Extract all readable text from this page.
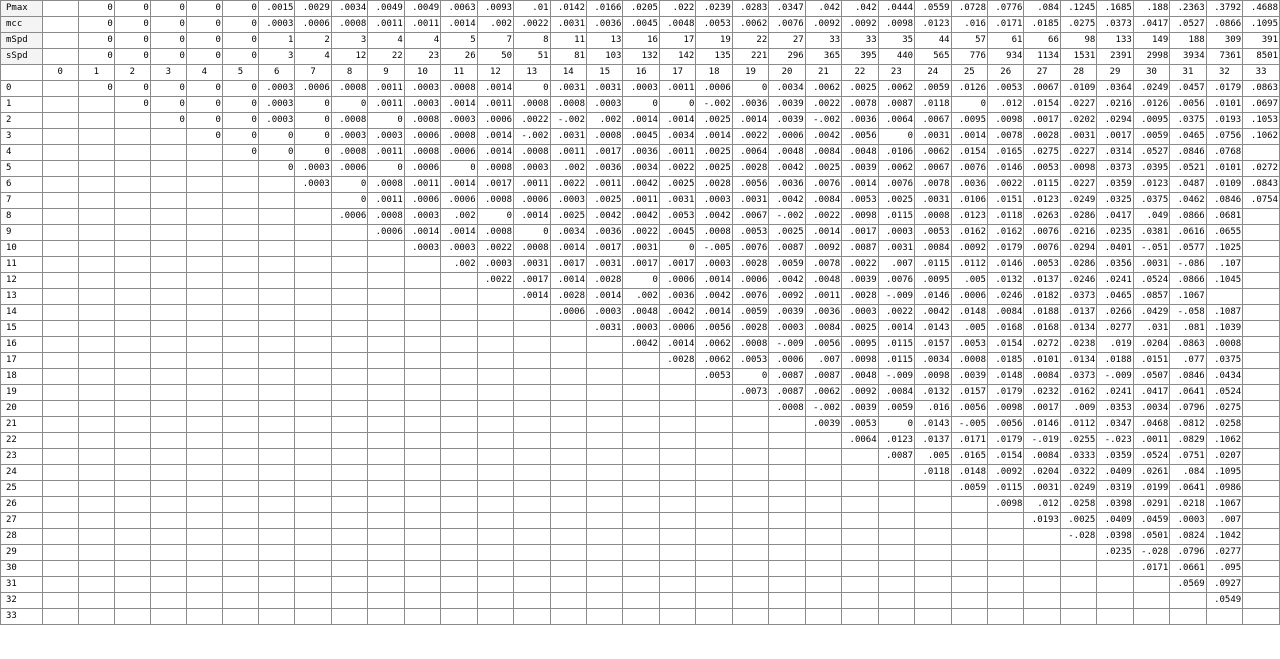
Pmax		0	0	0	0	0	.0015	.0029	.0034	.0049	.0049	.0063	.0093	.01	.0142	.0166	.0205	.022	.0239	.0283	.0347	.042	.042	.0444	.0559	.0728	.0776	.084	.1245	.1685	.188	.2363	.3792	.4688
mcc		0	0	0	0	0	.0003	.0006	.0008	.0011	.0011	.0014	.002	.0022	.0031	.0036	.0045	.0048	.0053	.0062	.0076	.0092	.0092	.0098	.0123	.016	.0171	.0185	.0275	.0373	.0417	.0527	.0866	.1095
mSpd		0	0	0	0	0	1	2	3	4	4	5	7	8	11	13	16	17	19	22	27	33	33	35	44	57	61	66	98	133	149	188	309	391
sSpd		0	0	0	0	0	3	4	12	22	23	26	50	51	81	103	132	142	135	221	296	365	395	440	565	776	934	1134	1531	2391	2998	3934	7361	8501
	0	1	2	3	4	5	6	7	8	9	10	11	12	13	14	15	16	17	18	19	20	21	22	23	24	25	26	27	28	29	30	31	32	33
0		0	0	0	0	0	.0003	.0006	.0008	.0011	.0003	.0008	.0014	0	.0031	.0031	.0003	.0011	.0006	0	.0034	.0062	.0025	.0062	.0059	.0126	.0053	.0067	.0109	.0364	.0249	.0457	.0179	.0863
1			0	0	0	0	.0003	0	0	.0011	.0003	.0014	.0011	.0008	.0008	.0003	0	0	-.002	.0036	.0039	.0022	.0078	.0087	.0118	0	.012	.0154	.0227	.0216	.0126	.0056	.0101	.0697
2				0	0	0	.0003	0	.0008	0	.0008	.0003	.0006	.0022	-.002	.002	.0014	.0014	.0025	.0014	.0039	-.002	.0036	.0064	.0067	.0095	.0098	.0017	.0202	.0294	.0095	.0375	.0193	.1053
3					0	0	0	0	.0003	.0003	.0006	.0008	.0014	-.002	.0031	.0008	.0045	.0034	.0014	.0022	.0006	.0042	.0056	0	.0031	.0014	.0078	.0028	.0031	.0017	.0059	.0465	.0756	.1062
4						0	0	0	.0008	.0011	.0008	.0006	.0014	.0008	.0011	.0017	.0036	.0011	.0025	.0064	.0048	.0084	.0048	.0106	.0062	.0154	.0165	.0275	.0227	.0314	.0527	.0846	.0768	
5							0	.0003	.0006	0	.0006	0	.0008	.0003	.002	.0036	.0034	.0022	.0025	.0028	.0042	.0025	.0039	.0062	.0067	.0076	.0146	.0053	.0098	.0373	.0395	.0521	.0101	.0272
6								.0003	0	.0008	.0011	.0014	.0017	.0011	.0022	.0011	.0042	.0025	.0028	.0056	.0036	.0076	.0014	.0076	.0078	.0036	.0022	.0115	.0227	.0359	.0123	.0487	.0109	.0843
7									0	.0011	.0006	.0006	.0008	.0006	.0003	.0025	.0011	.0031	.0003	.0031	.0042	.0084	.0053	.0025	.0031	.0106	.0151	.0123	.0249	.0325	.0375	.0462	.0846	.0754
8									.0006	.0008	.0003	.002	0	.0014	.0025	.0042	.0042	.0053	.0042	.0067	-.002	.0022	.0098	.0115	.0008	.0123	.0118	.0263	.0286	.0417	.049	.0866	.0681	
9										.0006	.0014	.0014	.0008	0	.0034	.0036	.0022	.0045	.0008	.0053	.0025	.0014	.0017	.0003	.0053	.0162	.0162	.0076	.0216	.0235	.0381	.0616	.0655	
10											.0003	.0003	.0022	.0008	.0014	.0017	.0031	0	-.005	.0076	.0087	.0092	.0087	.0031	.0084	.0092	.0179	.0076	.0294	.0401	-.051	.0577	.1025	
11												.002	.0003	.0031	.0017	.0031	.0017	.0017	.0003	.0028	.0059	.0078	.0022	.007	.0115	.0112	.0146	.0053	.0286	.0356	.0031	-.086	.107	
12													.0022	.0017	.0014	.0028	0	.0006	.0014	.0006	.0042	.0048	.0039	.0076	.0095	.005	.0132	.0137	.0246	.0241	.0524	.0866	.1045	
13														.0014	.0028	.0014	.002	.0036	.0042	.0076	.0092	.0011	.0028	-.009	.0146	.0006	.0246	.0182	.0373	.0465	.0857	.1067		
14															.0006	.0003	.0048	.0042	.0014	.0059	.0039	.0036	.0003	.0022	.0042	.0148	.0084	.0188	.0137	.0266	.0429	-.058	.1087	
15																.0031	.0003	.0006	.0056	.0028	.0003	.0084	.0025	.0014	.0143	.005	.0168	.0168	.0134	.0277	.031	.081	.1039	
16																	.0042	.0014	.0062	.0008	-.009	.0056	.0095	.0115	.0157	.0053	.0154	.0272	.0238	.019	.0204	.0863	.0008	
17																		.0028	.0062	.0053	.0006	.007	.0098	.0115	.0034	.0008	.0185	.0101	.0134	.0188	.0151	.077	.0375	
18																			.0053	0	.0087	.0087	.0048	-.009	.0098	.0039	.0148	.0084	.0373	-.009	.0507	.0846	.0434	
19																				.0073	.0087	.0062	.0092	.0084	.0132	.0157	.0179	.0232	.0162	.0241	.0417	.0641	.0524	
20																					.0008	-.002	.0039	.0059	.016	.0056	.0098	.0017	.009	.0353	.0034	.0796	.0275	
21																						.0039	.0053	0	.0143	-.005	.0056	.0146	.0112	.0347	.0468	.0812	.0258	
22																							.0064	.0123	.0137	.0171	.0179	-.019	.0255	-.023	.0011	.0829	.1062	
23																								.0087	.005	.0165	.0154	.0084	.0333	.0359	.0524	.0751	.0207	
24																									.0118	.0148	.0092	.0204	.0322	.0409	.0261	.084	.1095	
25																										.0059	.0115	.0031	.0249	.0319	.0199	.0641	.0986	
26																											.0098	.012	.0258	.0398	.0291	.0218	.1067	
27																												.0193	.0025	.0409	.0459	.0003	.007	
28																													-.028	.0398	.0501	.0824	.1042	
29																														.0235	-.028	.0796	.0277	
30																															.0171	.0661	.095	
31																																.0569	.0927	
32																																	.0549	
33																																		
